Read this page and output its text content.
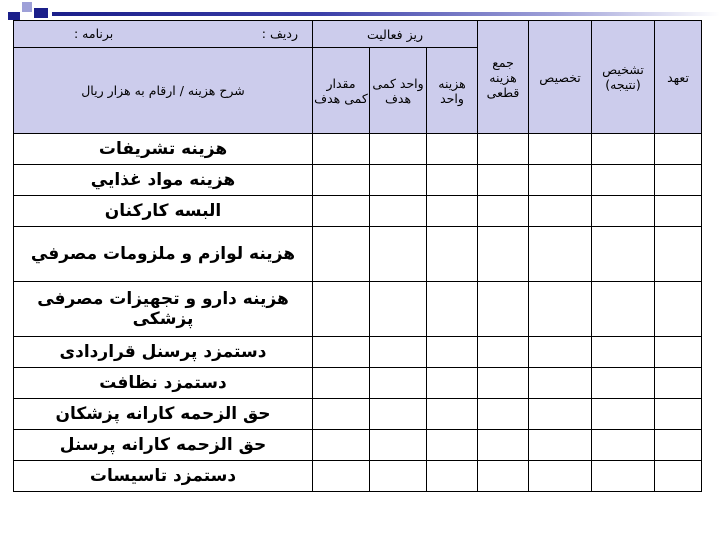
تعهد	تشخیص (نتیجه)	تخصیص	جمع هزینه قطعی	ریز فعالیت			ردیف :
برنامه :

				هزینه واحد	واحد کمی هدف	مقدار کمی هدف	شرح هزینه / ارقام به هزار ریال
							هزینه تشریفات
							هزینه مواد غذايي
							البسه كاركنان
							هزینه لوازم و ملزومات مصرفي
							هزینه دارو و تجهیزات مصرفی پزشکی
							دستمزد پرسنل قراردادی
							دستمزد نظافت
							حق الزحمه کارانه پزشکان
							حق الزحمه کارانه پرسنل
							دستمزد تاسیسات
